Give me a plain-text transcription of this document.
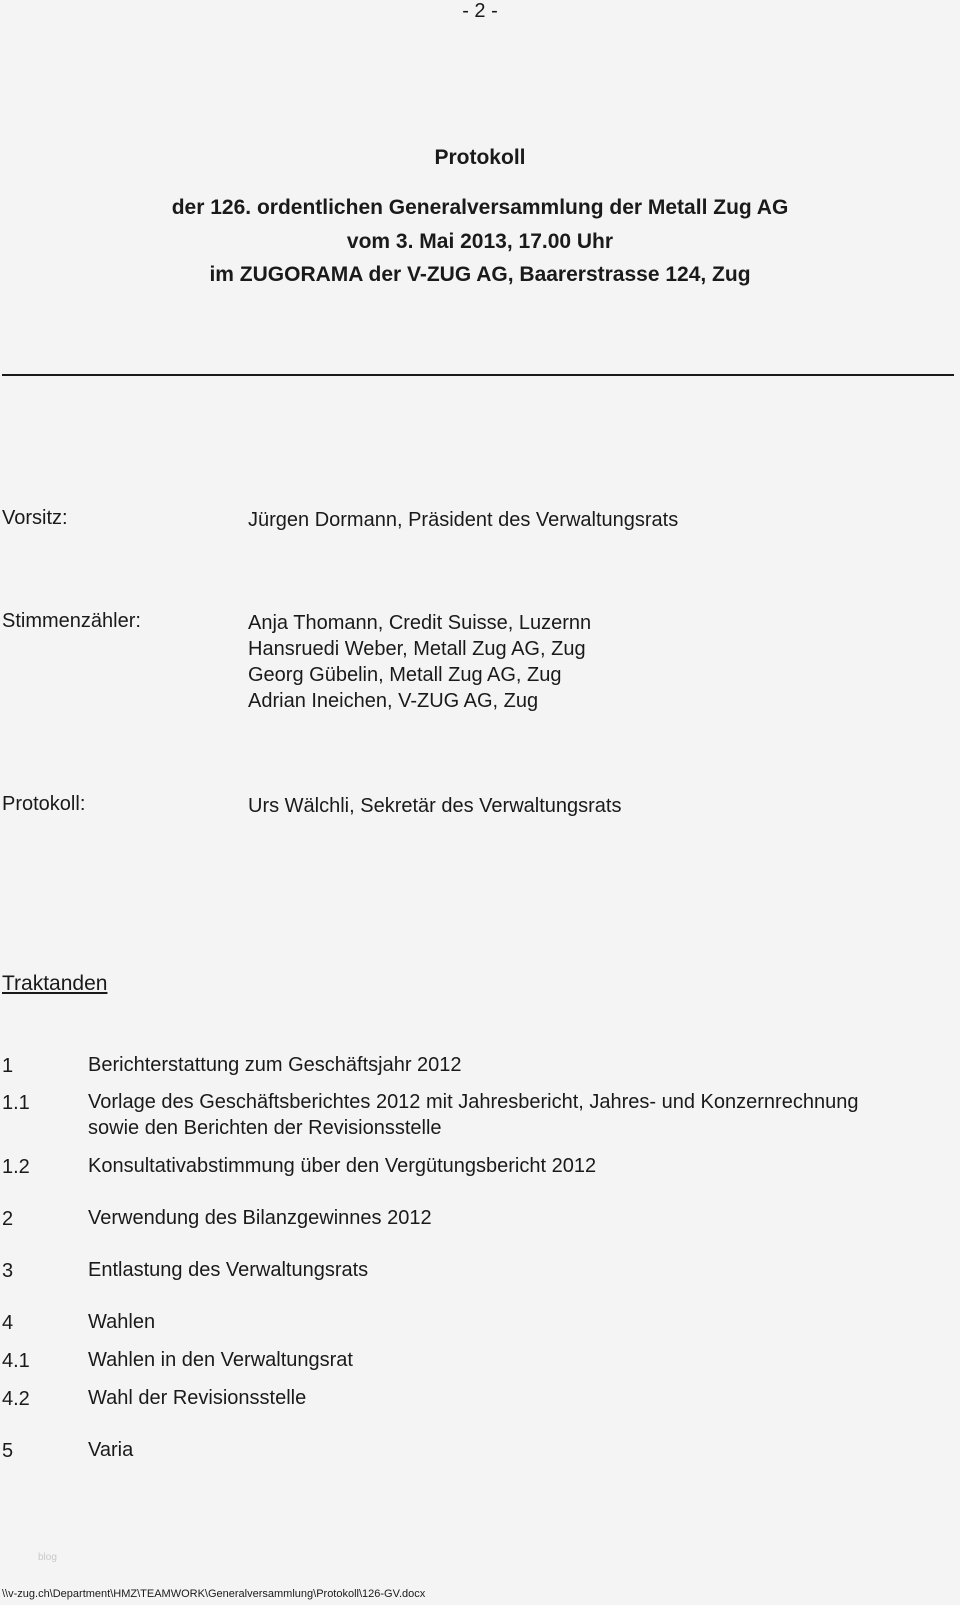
- 2 -
Protokoll
der 126. ordentlichen Generalversammlung der Metall Zug AG
vom 3. Mai 2013, 17.00 Uhr
im ZUGORAMA der V-ZUG AG, Baarerstrasse 124, Zug
Vorsitz:	Jürgen Dormann, Präsident des Verwaltungsrats
Stimmenzähler:	Anja Thomann, Credit Suisse, Luzernn
Hansruedi Weber, Metall Zug AG, Zug
Georg Gübelin, Metall Zug AG, Zug
Adrian Ineichen, V-ZUG AG, Zug
Protokoll:	Urs Wälchli, Sekretär des Verwaltungsrats
Traktanden
1	Berichterstattung zum Geschäftsjahr 2012
1.1	Vorlage des Geschäftsberichtes 2012 mit Jahresbericht, Jahres- und Konzernrechnung
sowie den Berichten der Revisionsstelle
1.2	Konsultativabstimmung über den Vergütungsbericht 2012
2	Verwendung des Bilanzgewinnes 2012
3	Entlastung des Verwaltungsrats
4	Wahlen
4.1	Wahlen in den Verwaltungsrat
4.2	Wahl der Revisionsstelle
5	Varia
blog
\\v-zug.ch\Department\HMZ\TEAMWORK\Generalversammlung\Protokoll\126-GV.docx
